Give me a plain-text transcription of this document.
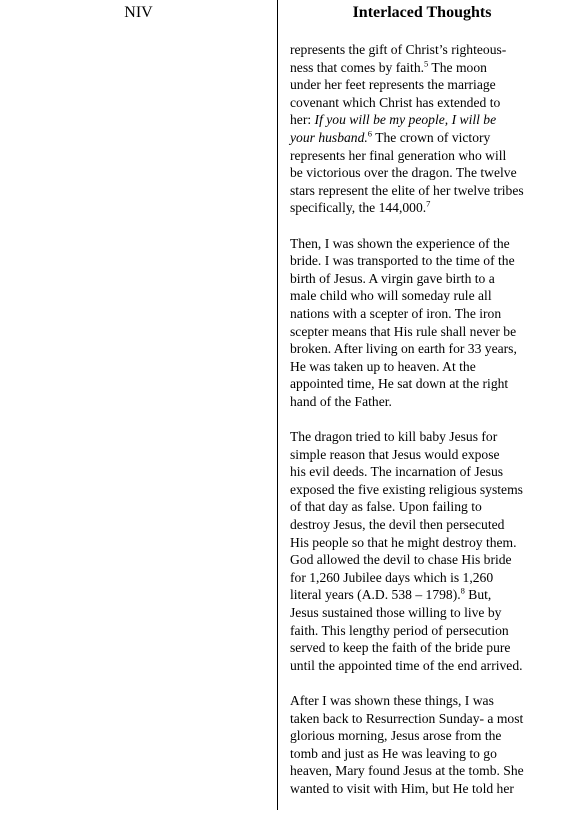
NIV	Interlaced Thoughts

represents the gift of Christ’s righteous-
ness that comes by faith.$^5$ The moon
under her feet represents the marriage
covenant which Christ has extended to
her: If you will be my people, I will be
your husband.$^6$ The crown of victory
represents her final generation who will
be victorious over the dragon. The twelve
stars represent the elite of her twelve tribes
specifically, the 144,000.$^7$

Then, I was shown the experience of the
bride. I was transported to the time of the
birth of Jesus. A virgin gave birth to a
male child who will someday rule all
nations with a scepter of iron. The iron
scepter means that His rule shall never be
broken. After living on earth for 33 years,
He was taken up to heaven. At the
appointed time, He sat down at the right
hand of the Father.

The dragon tried to kill baby Jesus for
simple reason that Jesus would expose
his evil deeds. The incarnation of Jesus
exposed the five existing religious systems
of that day as false. Upon failing to
destroy Jesus, the devil then persecuted
His people so that he might destroy them.
God allowed the devil to chase His bride
for 1,260 Jubilee days which is 1,260
literal years (A.D. 538 – 1798).$^8$ But,
Jesus sustained those willing to live by
faith. This lengthy period of persecution
served to keep the faith of the bride pure
until the appointed time of the end arrived.

After I was shown these things, I was
taken back to Resurrection Sunday- a most
glorious morning, Jesus arose from the
tomb and just as He was leaving to go
heaven, Mary found Jesus at the tomb. She
wanted to visit with Him, but He told her
